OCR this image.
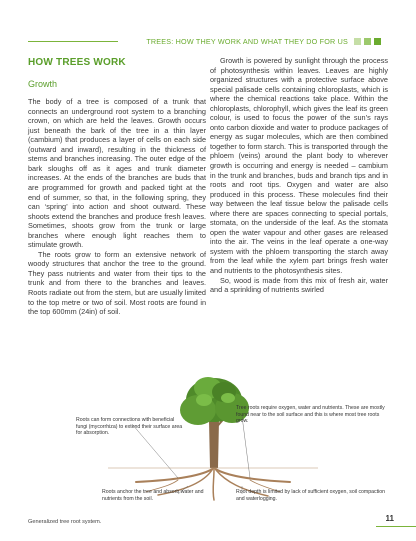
TREES: HOW THEY WORK AND WHAT THEY DO FOR US
HOW TREES WORK
Growth

The body of a tree is composed of a trunk that connects an underground root system to a branching crown, on which are held the leaves. Growth occurs just beneath the bark of the tree in a thin layer (cambium) that produces a layer of cells on each side (outward and inward), resulting in the thickness of stems and branches increasing. The outer edge of the bark sloughs off as it ages and trunk diameter increases. At the ends of the branches are buds that are programmed for growth and packed tight at the end of summer, so that, in the following spring, they can ‘spring’ into action and shoot outward. These shoots extend the branches and produce fresh leaves. Sometimes, shoots grow from the trunk or large branches where enough light reaches them to stimulate growth.

The roots grow to form an extensive network of woody structures that anchor the tree to the ground. They pass nutrients and water from their tips to the trunk and from there to the branches and leaves. Roots radiate out from the stem, but are usually limited to the top metre or two of soil. Most roots are found in the top 600mm (24in) of soil.

Growth is powered by sunlight through the process of photosynthesis within leaves. Leaves are highly organized structures with a protective surface above special palisade cells containing chloroplasts, which is where the chemical reactions take place. Within the chloroplasts, chlorophyll, which gives the leaf its green colour, is used to focus the power of the sun’s rays onto carbon dioxide and water to produce packages of energy as sugar molecules, which are then combined together to form starch. This is transported through the phloem (veins) around the plant body to wherever growth is occurring and energy is needed – cambium in the trunk and branches, buds and branch tips and in roots and root tips. Oxygen and water are also produced in this process. These molecules find their way between the leaf tissue below the palisade cells where there are spaces connecting to special portals, stomata, on the underside of the leaf. As the stomata open the water vapour and other gases are released into the air. The veins in the leaf operate a one-way system with the phloem transporting the starch away from the leaf while the xylem part brings fresh water and nutrients to the photosynthesis sites.

So, wood is made from this mix of fresh air, water and a sprinkling of nutrients swirled

Roots can form connections with beneficial fungi (mycorrhiza) to extend their surface area for absorption.
Tree roots require oxygen, water and nutrients. These are mostly found near to the soil surface and this is where most tree roots grow.
Roots anchor the tree and absorb water and nutrients from the soil.
Root depth is limited by lack of sufficient oxygen, soil compaction and waterlogging.
Generalized tree root system.	11
